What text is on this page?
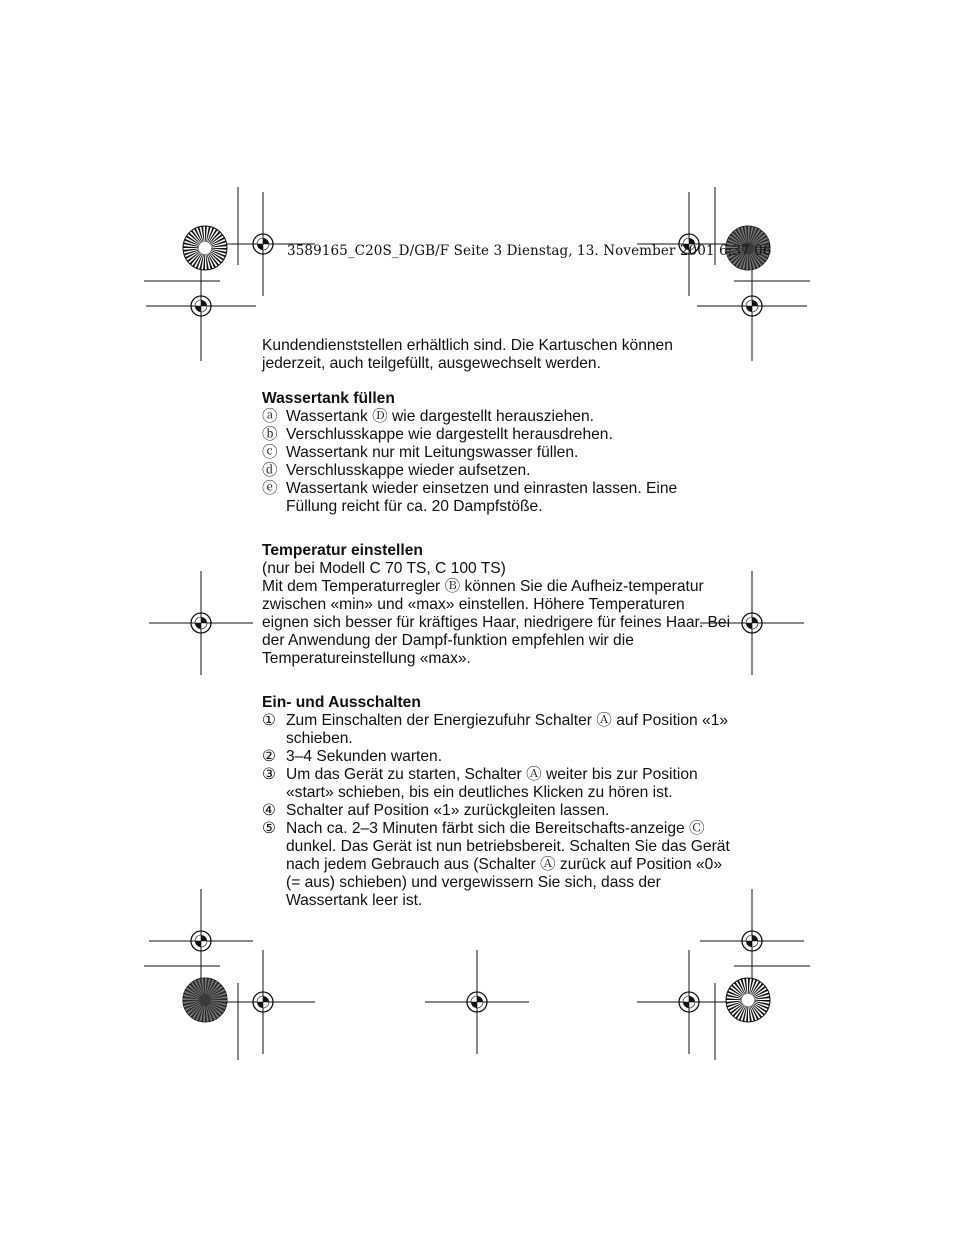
3589165_C20S_D/GB/F Seite 3 Dienstag, 13. November 2001 6:37 06

Kundendienststellen erhältlich sind. Die Kartuschen können jederzeit, auch teilgefüllt, ausgewechselt werden.

Wassertank füllen
ⓐ Wassertank Ⓓ wie dargestellt herausziehen.
ⓑ Verschlusskappe wie dargestellt herausdrehen.
ⓒ Wassertank nur mit Leitungswasser füllen.
ⓓ Verschlusskappe wieder aufsetzen.
ⓔ Wassertank wieder einsetzen und einrasten lassen. Eine Füllung reicht für ca. 20 Dampfstöße.
Temperatur einstellen

(nur bei Modell C 70 TS, C 100 TS)

Mit dem Temperaturregler Ⓑ können Sie die Aufheiz-temperatur zwischen «min» und «max» einstellen. Höhere Temperaturen eignen sich besser für kräftiges Haar, niedrigere für feines Haar. Bei der Anwendung der Dampf-funktion empfehlen wir die Temperatureinstellung «max».

Ein- und Ausschalten
① Zum Einschalten der Energiezufuhr Schalter Ⓐ auf Position «1» schieben.
② 3–4 Sekunden warten.
③ Um das Gerät zu starten, Schalter Ⓐ weiter bis zur Position «start» schieben, bis ein deutliches Klicken zu hören ist.
④ Schalter auf Position «1» zurückgleiten lassen.
⑤ Nach ca. 2–3 Minuten färbt sich die Bereitschafts-anzeige Ⓒ dunkel. Das Gerät ist nun betriebsbereit. Schalten Sie das Gerät nach jedem Gebrauch aus (Schalter Ⓐ zurück auf Position «0» (= aus) schieben) und vergewissern Sie sich, dass der Wassertank leer ist.
